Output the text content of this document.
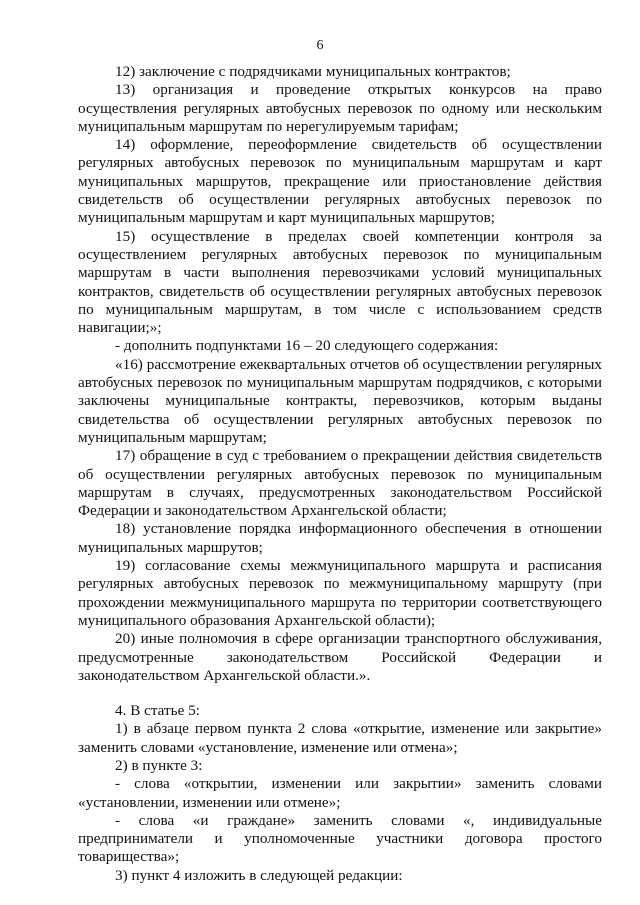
6

12) заключение с подрядчиками муниципальных контрактов;

13) организация и проведение открытых конкурсов на право осуществления регулярных автобусных перевозок по одному или нескольким муниципальным маршрутам по нерегулируемым тарифам;

14) оформление, переоформление свидетельств об осуществлении регулярных автобусных перевозок по муниципальным маршрутам и карт муниципальных маршрутов, прекращение или приостановление действия свидетельств об осуществлении регулярных автобусных перевозок по муниципальным маршрутам и карт муниципальных маршрутов;

15) осуществление в пределах своей компетенции контроля за осуществлением регулярных автобусных перевозок по муниципальным маршрутам в части выполнения перевозчиками условий муниципальных контрактов, свидетельств об осуществлении регулярных автобусных перевозок по муниципальным маршрутам, в том числе с использованием средств навигации;»;

- дополнить подпунктами 16 – 20 следующего содержания:

«16) рассмотрение ежеквартальных отчетов об осуществлении регулярных автобусных перевозок по муниципальным маршрутам подрядчиков, с которыми заключены муниципальные контракты, перевозчиков, которым выданы свидетельства об осуществлении регулярных автобусных перевозок по муниципальным маршрутам;

17) обращение в суд с требованием о прекращении действия свидетельств об осуществлении регулярных автобусных перевозок по муниципальным маршрутам в случаях, предусмотренных законодательством Российской Федерации и законодательством Архангельской области;

18) установление порядка информационного обеспечения в отношении муниципальных маршрутов;

19) согласование схемы межмуниципального маршрута и расписания регулярных автобусных перевозок по межмуниципальному маршруту (при прохождении межмуниципального маршрута по территории соответствующего муниципального образования Архангельской области);

20) иные полномочия в сфере организации транспортного обслуживания, предусмотренные законодательством Российской Федерации и законодательством Архангельской области.».

4. В статье 5:

1) в абзаце первом пункта 2 слова «открытие, изменение или закрытие» заменить словами «установление, изменение или отмена»;

2) в пункте 3:

- слова «открытии, изменении или закрытии» заменить словами «установлении, изменении или отмене»;

- слова «и граждане» заменить словами «, индивидуальные предприниматели и уполномоченные участники договора простого товарищества»;

3) пункт 4 изложить в следующей редакции:
